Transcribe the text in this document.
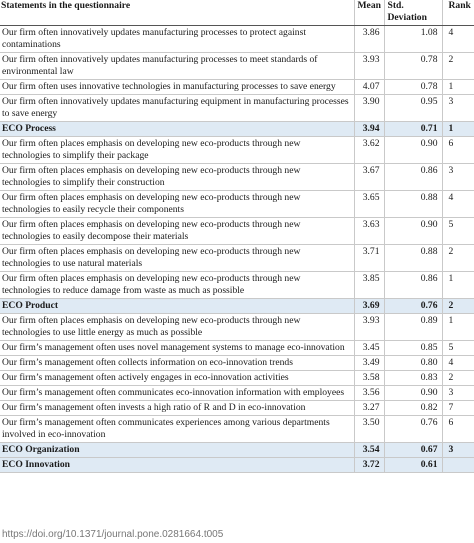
Statements in the questionnaire	Mean	Std. Deviation	Rank
Our firm often innovatively updates manufacturing processes to protect against contaminations	3.86	1.08	4
Our firm often innovatively updates manufacturing processes to meet standards of environmental law	3.93	0.78	2
Our firm often uses innovative technologies in manufacturing processes to save energy	4.07	0.78	1
Our firm often innovatively updates manufacturing equipment in manufacturing processes to save energy	3.90	0.95	3
ECO Process	3.94	0.71	1
Our firm often places emphasis on developing new eco-products through new technologies to simplify their package	3.62	0.90	6
Our firm often places emphasis on developing new eco-products through new technologies to simplify their construction	3.67	0.86	3
Our firm often places emphasis on developing new eco-products through new technologies to easily recycle their components	3.65	0.88	4
Our firm often places emphasis on developing new eco-products through new technologies to easily decompose their materials	3.63	0.90	5
Our firm often places emphasis on developing new eco-products through new technologies to use natural materials	3.71	0.88	2
Our firm often places emphasis on developing new eco-products through new technologies to reduce damage from waste as much as possible	3.85	0.86	1
ECO Product	3.69	0.76	2
Our firm often places emphasis on developing new eco-products through new technologies to use little energy as much as possible	3.93	0.89	1
Our firm’s management often uses novel management systems to manage eco-innovation	3.45	0.85	5
Our firm’s management often collects information on eco-innovation trends	3.49	0.80	4
Our firm’s management often actively engages in eco-innovation activities	3.58	0.83	2
Our firm’s management often communicates eco-innovation information with employees	3.56	0.90	3
Our firm’s management often invests a high ratio of R and D in eco-innovation	3.27	0.82	7
Our firm’s management often communicates experiences among various departments involved in eco-innovation	3.50	0.76	6
ECO Organization	3.54	0.67	3
ECO Innovation	3.72	0.61	
https://doi.org/10.1371/journal.pone.0281664.t005
